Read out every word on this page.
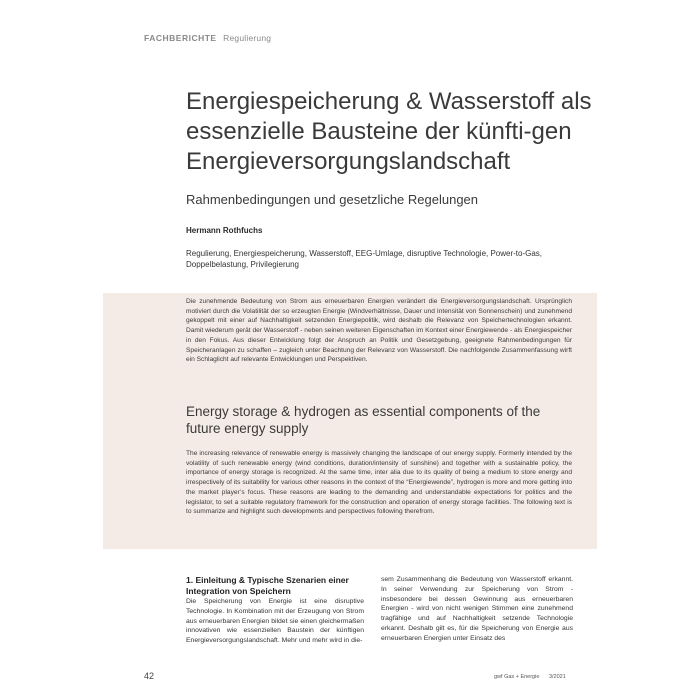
FACHBERICHTE Regulierung
Energiespeicherung & Wasserstoff als essenzielle Bausteine der künfti-gen Energieversorgungslandschaft
Rahmenbedingungen und gesetzliche Regelungen
Hermann Rothfuchs
Regulierung, Energiespeicherung, Wasserstoff, EEG-Umlage, disruptive Technologie, Power-to-Gas, Doppelbelastung, Privilegierung
Die zunehmende Bedeutung von Strom aus erneuerbaren Energien verändert die Energieversorgungslandschaft. Ursprünglich motiviert durch die Volatilität der so erzeugten Energie (Windverhältnisse, Dauer und Intensität von Sonnenschein) und zunehmend gekoppelt mit einer auf Nachhaltigkeit setzenden Energiepolitik, wird deshalb die Relevanz von Speichertechnologien erkannt. Damit wiederum gerät der Wasserstoff - neben seinen weiteren Eigenschaften im Kontext einer Energiewende - als Energiespeicher in den Fokus. Aus dieser Entwicklung folgt der Anspruch an Politik und Gesetzgebung, geeignete Rahmenbedingungen für Speicheranlagen zu schaffen – zugleich unter Beachtung der Relevanz von Wasserstoff. Die nachfolgende Zusammenfassung wirft ein Schlaglicht auf relevante Entwicklungen und Perspektiven.
Energy storage & hydrogen as essential components of the future energy supply
The increasing relevance of renewable energy is massively changing the landscape of our energy supply. Formerly intended by the volatility of such renewable energy (wind conditions, duration/intensity of sunshine) and together with a sustainable policy, the importance of energy storage is recognized. At the same time, inter alia due to its quality of being a medium to store energy and irrespectively of its suitability for various other reasons in the context of the “Energiewende”, hydrogen is more and more getting into the market player’s focus. These reasons are leading to the demanding and understandable expectations for politics and the legislator, to set a suitable regulatory framework for the construction and operation of energy storage facilities. The following text is to summarize and highlight such developments and perspectives following therefrom.
1. Einleitung & Typische Szenarien einer Integration von Speichern
Die Speicherung von Energie ist eine disruptive Technologie. In Kombination mit der Erzeugung von Strom aus erneuerbaren Energien bildet sie einen gleichermaßen innovativen wie essenziellen Baustein der künftigen Energieversorgungslandschaft. Mehr und mehr wird in die-
sem Zusammenhang die Bedeutung von Wasserstoff erkannt. In seiner Verwendung zur Speicherung von Strom - insbesondere bei dessen Gewinnung aus erneuerbaren Energien - wird von nicht wenigen Stimmen eine zunehmend tragfähige und auf Nachhaltigkeit setzende Technologie erkannt. Deshalb gilt es, für die Speicherung von Energie aus erneuerbaren Energien unter Einsatz des
42	gwf Gas + Energie 3/2021
